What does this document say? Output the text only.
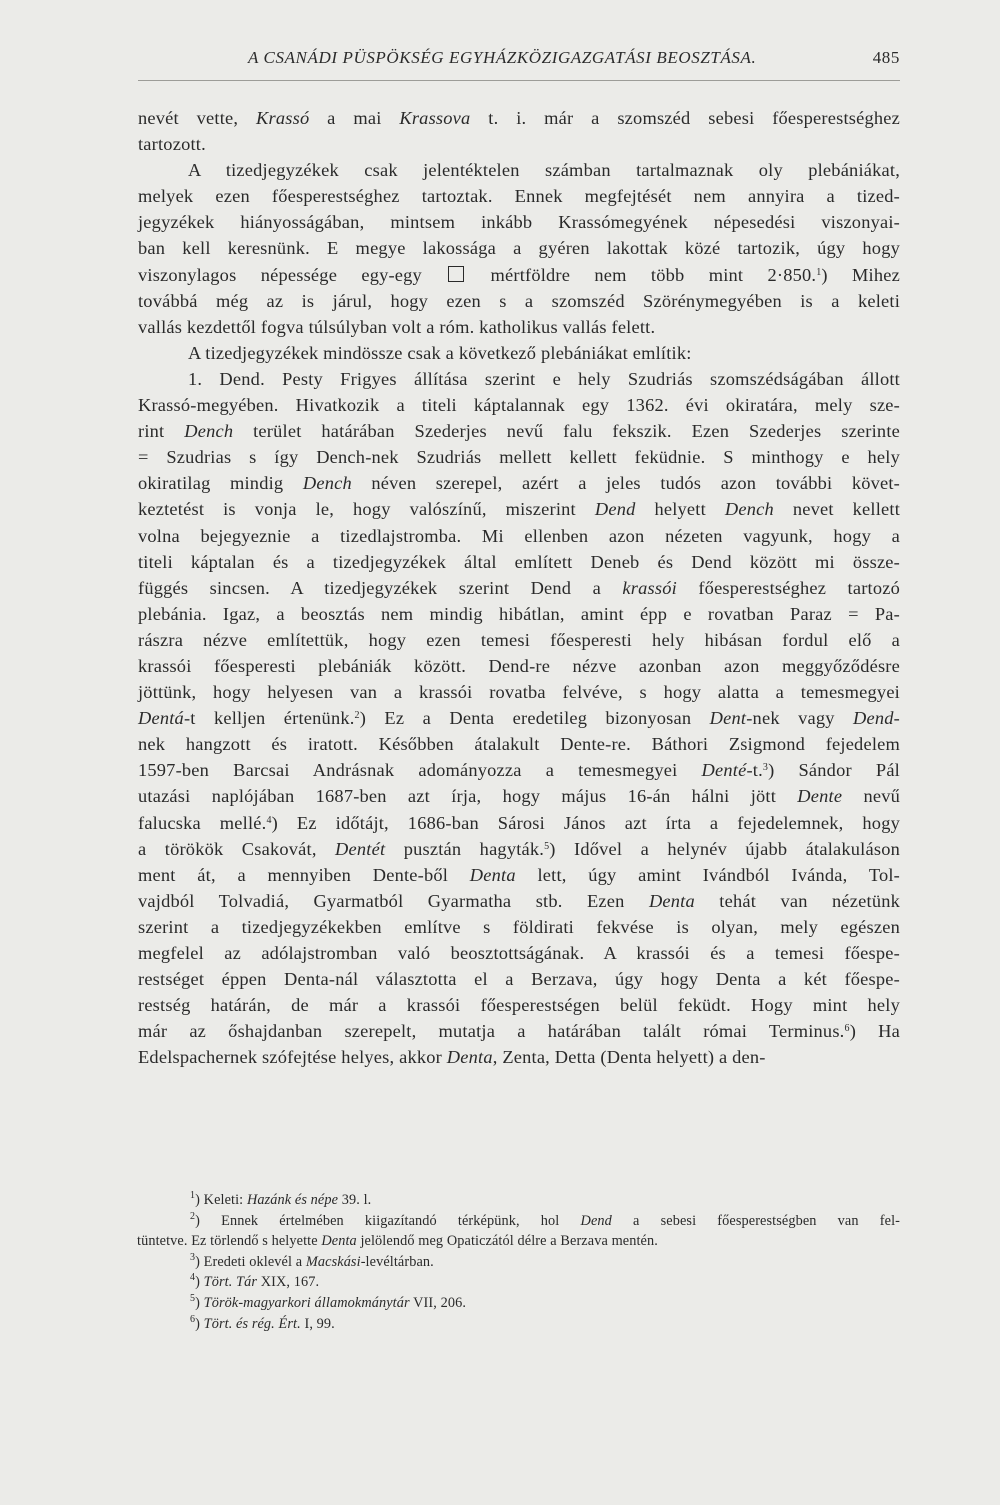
A CSANÁDI PÜSPÖKSÉG EGYHÁZKÖZIGAZGATÁSI BEOSZTÁSA.	485

nevét vette, Krassó a mai Krassova t. i. már a szomszéd sebesi főesperestséghez

tartozott.

A tizedjegyzékek csak jelentéktelen számban tartalmaznak oly plebániákat,

melyek ezen főesperestséghez tartoztak. Ennek megfejtését nem annyira a tized-

jegyzékek hiányosságában, mintsem inkább Krassómegyének népesedési viszonyai-

ban kell keresnünk. E megye lakossága a gyéren lakottak közé tartozik, úgy hogy

viszonylagos népessége egy-egy  mértföldre nem több mint 2·850.$^1$) Mihez

továbbá még az is járul, hogy ezen s a szomszéd Szörénymegyében is a keleti

vallás kezdettől fogva túlsúlyban volt a róm. katholikus vallás felett.

A tizedjegyzékek mindössze csak a következő plebániákat említik:

1. Dend. Pesty Frigyes állítása szerint e hely Szudriás szomszédságában állott

Krassó-megyében. Hivatkozik a titeli káptalannak egy 1362. évi okiratára, mely sze-

rint Dench terület határában Szederjes nevű falu fekszik. Ezen Szederjes szerinte

= Szudrias s így Dench-nek Szudriás mellett kellett feküdnie. S minthogy e hely

okiratilag mindig Dench néven szerepel, azért a jeles tudós azon további követ-

keztetést is vonja le, hogy valószínű, miszerint Dend helyett Dench nevet kellett

volna bejegyeznie a tizedlajstromba. Mi ellenben azon nézeten vagyunk, hogy a

titeli káptalan és a tizedjegyzékek által említett Deneb és Dend között mi össze-

függés sincsen. A tizedjegyzékek szerint Dend a krassói főesperestséghez tartozó

plebánia. Igaz, a beosztás nem mindig hibátlan, amint épp e rovatban Paraz = Pa-

rászra nézve említettük, hogy ezen temesi főesperesti hely hibásan fordul elő a

krassói főesperesti plebániák között. Dend-re nézve azonban azon meggyőződésre

jöttünk, hogy helyesen van a krassói rovatba felvéve, s hogy alatta a temesmegyei

Dentá-t kelljen értenünk.$^2$) Ez a Denta eredetileg bizonyosan Dent-nek vagy Dend-

nek hangzott és iratott. Későbben átalakult Dente-re. Báthori Zsigmond fejedelem

1597-ben Barcsai Andrásnak adományozza a temesmegyei Denté-t.$^3$) Sándor Pál

utazási naplójában 1687-ben azt írja, hogy május 16-án hálni jött Dente nevű

falucska mellé.$^4$) Ez időtájt, 1686-ban Sárosi János azt írta a fejedelemnek, hogy

a törökök Csakovát, Dentét pusztán hagyták.$^5$) Idővel a helynév újabb átalakuláson

ment át, a mennyiben Dente-ből Denta lett, úgy amint Ivándból Ivánda, Tol-

vajdból Tolvadiá, Gyarmatból Gyarmatha stb. Ezen Denta tehát van nézetünk

szerint a tizedjegyzékekben említve s földirati fekvése is olyan, mely egészen

megfelel az adólajstromban való beosztottságának. A krassói és a temesi főespe-

restséget éppen Denta-nál választotta el a Berzava, úgy hogy Denta a két főespe-

restség határán, de már a krassói főesperestségen belül feküdt. Hogy mint hely

már az őshajdanban szerepelt, mutatja a határában talált római Terminus.$^6$) Ha

Edelspachernek szófejtése helyes, akkor Denta, Zenta, Detta (Denta helyett) a den-

$^1$) Keleti: Hazánk és népe 39. l.

$^2$) Ennek értelmében kiigazítandó térképünk, hol Dend a sebesi főesperestségben van fel-

tüntetve. Ez törlendő s helyette Denta jelölendő meg Opaticzától délre a Berzava mentén.

$^3$) Eredeti oklevél a Macskási-levéltárban.

$^4$) Tört. Tár XIX, 167.

$^5$) Török-magyarkori államokmánytár VII, 206.

$^6$) Tört. és rég. Ért. I, 99.
